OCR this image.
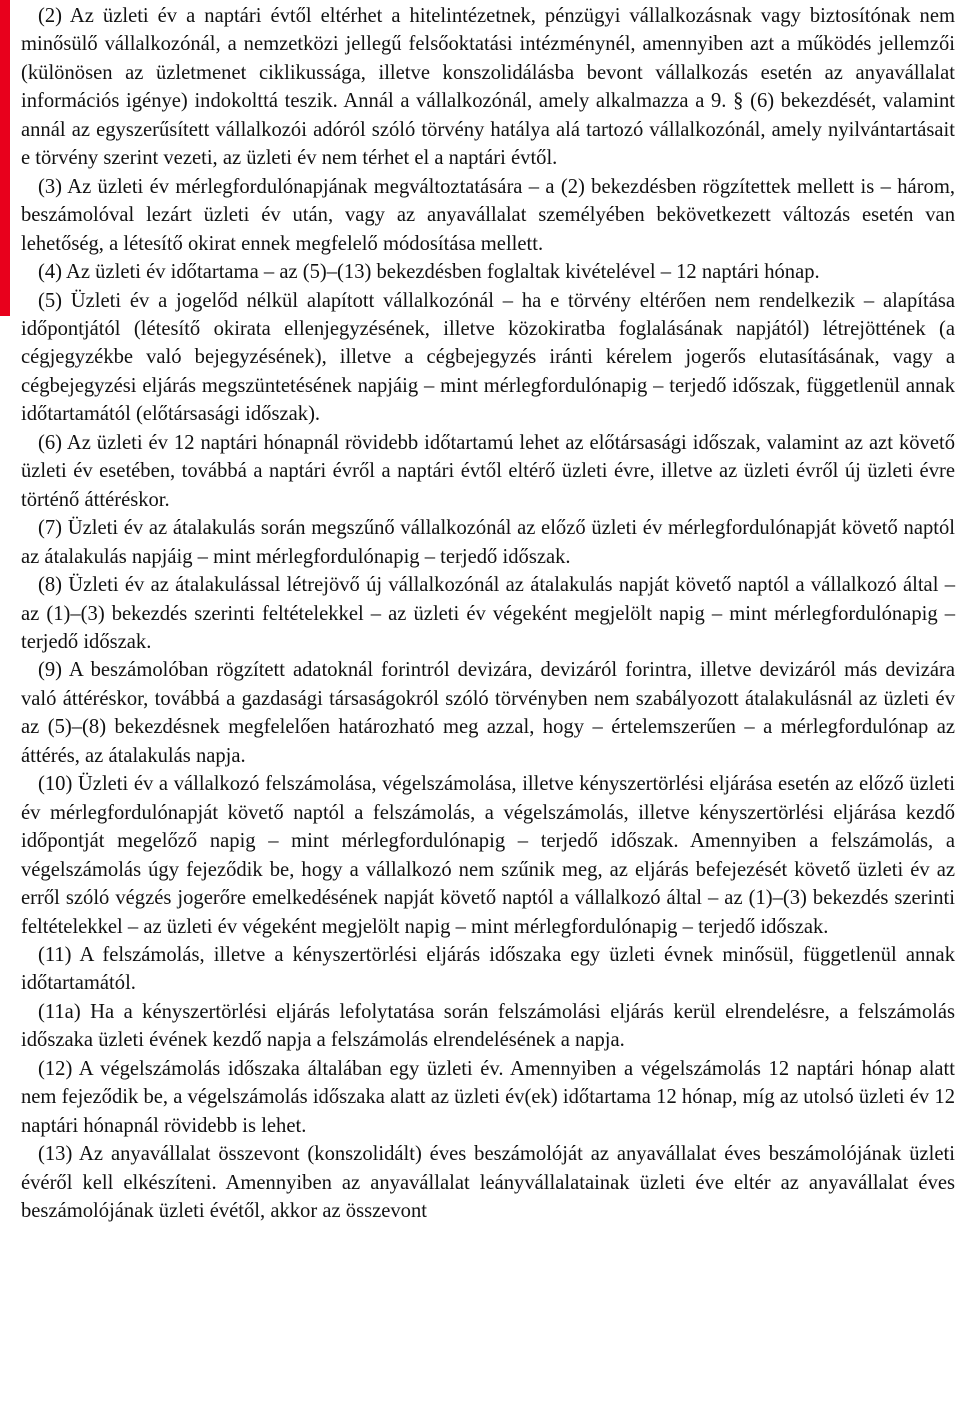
(2) Az üzleti év a naptári évtől eltérhet a hitelintézetnek, pénzügyi vállalkozásnak vagy biztosítónak nem minősülő vállalkozónál, a nemzetközi jellegű felsőoktatási intézménynél, amennyiben azt a működés jellemzői (különösen az üzletmenet ciklikussága, illetve konszolidálásba bevont vállalkozás esetén az anyavállalat információs igénye) indokolttá teszik. Annál a vállalkozónál, amely alkalmazza a 9. § (6) bekezdését, valamint annál az egyszerűsített vállalkozói adóról szóló törvény hatálya alá tartozó vállalkozónál, amely nyilvántartásait e törvény szerint vezeti, az üzleti év nem térhet el a naptári évtől.

(3) Az üzleti év mérlegfordulónapjának megváltoztatására – a (2) bekezdésben rögzítettek mellett is – három, beszámolóval lezárt üzleti év után, vagy az anyavállalat személyében bekövetkezett változás esetén van lehetőség, a létesítő okirat ennek megfelelő módosítása mellett.

(4) Az üzleti év időtartama – az (5)–(13) bekezdésben foglaltak kivételével – 12 naptári hónap.

(5) Üzleti év a jogelőd nélkül alapított vállalkozónál – ha e törvény eltérően nem rendelkezik – alapítása időpontjától (létesítő okirata ellenjegyzésének, illetve közokiratba foglalásának napjától) létrejöttének (a cégjegyzékbe való bejegyzésének), illetve a cégbejegyzés iránti kérelem jogerős elutasításának, vagy a cégbejegyzési eljárás megszüntetésének napjáig – mint mérlegfordulónapig – terjedő időszak, függetlenül annak időtartamától (előtársasági időszak).

(6) Az üzleti év 12 naptári hónapnál rövidebb időtartamú lehet az előtársasági időszak, valamint az azt követő üzleti év esetében, továbbá a naptári évről a naptári évtől eltérő üzleti évre, illetve az üzleti évről új üzleti évre történő áttéréskor.

(7) Üzleti év az átalakulás során megszűnő vállalkozónál az előző üzleti év mérlegfordulónapját követő naptól az átalakulás napjáig – mint mérlegfordulónapig – terjedő időszak.

(8) Üzleti év az átalakulással létrejövő új vállalkozónál az átalakulás napját követő naptól a vállalkozó által – az (1)–(3) bekezdés szerinti feltételekkel – az üzleti év végeként megjelölt napig – mint mérlegfordulónapig – terjedő időszak.

(9) A beszámolóban rögzített adatoknál forintról devizára, devizáról forintra, illetve devizáról más devizára való áttéréskor, továbbá a gazdasági társaságokról szóló törvényben nem szabályozott átalakulásnál az üzleti év az (5)–(8) bekezdésnek megfelelően határozható meg azzal, hogy – értelemszerűen – a mérlegfordulónap az áttérés, az átalakulás napja.

(10) Üzleti év a vállalkozó felszámolása, végelszámolása, illetve kényszertörlési eljárása esetén az előző üzleti év mérlegfordulónapját követő naptól a felszámolás, a végelszámolás, illetve kényszertörlési eljárása kezdő időpontját megelőző napig – mint mérlegfordulónapig – terjedő időszak. Amennyiben a felszámolás, a végelszámolás úgy fejeződik be, hogy a vállalkozó nem szűnik meg, az eljárás befejezését követő üzleti év az erről szóló végzés jogerőre emelkedésének napját követő naptól a vállalkozó által – az (1)–(3) bekezdés szerinti feltételekkel – az üzleti év végeként megjelölt napig – mint mérlegfordulónapig – terjedő időszak.

(11) A felszámolás, illetve a kényszertörlési eljárás időszaka egy üzleti évnek minősül, függetlenül annak időtartamától.

(11a) Ha a kényszertörlési eljárás lefolytatása során felszámolási eljárás kerül elrendelésre, a felszámolás időszaka üzleti évének kezdő napja a felszámolás elrendelésének a napja.

(12) A végelszámolás időszaka általában egy üzleti év. Amennyiben a végelszámolás 12 naptári hónap alatt nem fejeződik be, a végelszámolás időszaka alatt az üzleti év(ek) időtartama 12 hónap, míg az utolsó üzleti év 12 naptári hónapnál rövidebb is lehet.

(13) Az anyavállalat összevont (konszolidált) éves beszámolóját az anyavállalat éves beszámolójának üzleti évéről kell elkészíteni. Amennyiben az anyavállalat leányvállalatainak üzleti éve eltér az anyavállalat éves beszámolójának üzleti évétől, akkor az összevont
